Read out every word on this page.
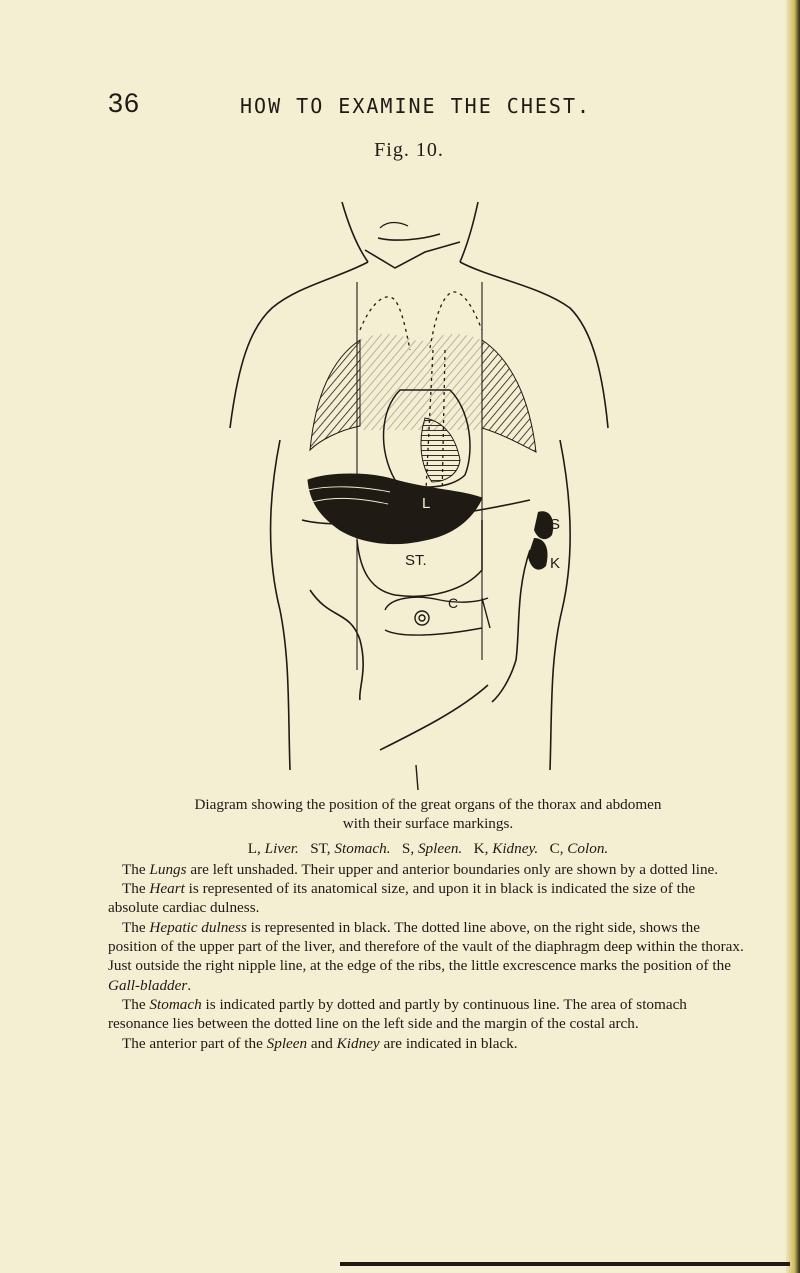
36	HOW TO EXAMINE THE CHEST.
Fig. 10.
L
ST.
S
K
C

Diagram showing the position of the great organs of the thorax and abdomen
with their surface markings.

L, Liver. ST, Stomach. S, Spleen. K, Kidney. C, Colon.

The Lungs are left unshaded. Their upper and anterior boundaries only are shown by a dotted line.

The Heart is represented of its anatomical size, and upon it in black is indicated the size of the absolute cardiac dulness.

The Hepatic dulness is represented in black. The dotted line above, on the right side, shows the position of the upper part of the liver, and therefore of the vault of the diaphragm deep within the thorax. Just outside the right nipple line, at the edge of the ribs, the little excrescence marks the position of the Gall-bladder.

The Stomach is indicated partly by dotted and partly by continuous line. The area of stomach resonance lies between the dotted line on the left side and the margin of the costal arch.

The anterior part of the Spleen and Kidney are indicated in black.
